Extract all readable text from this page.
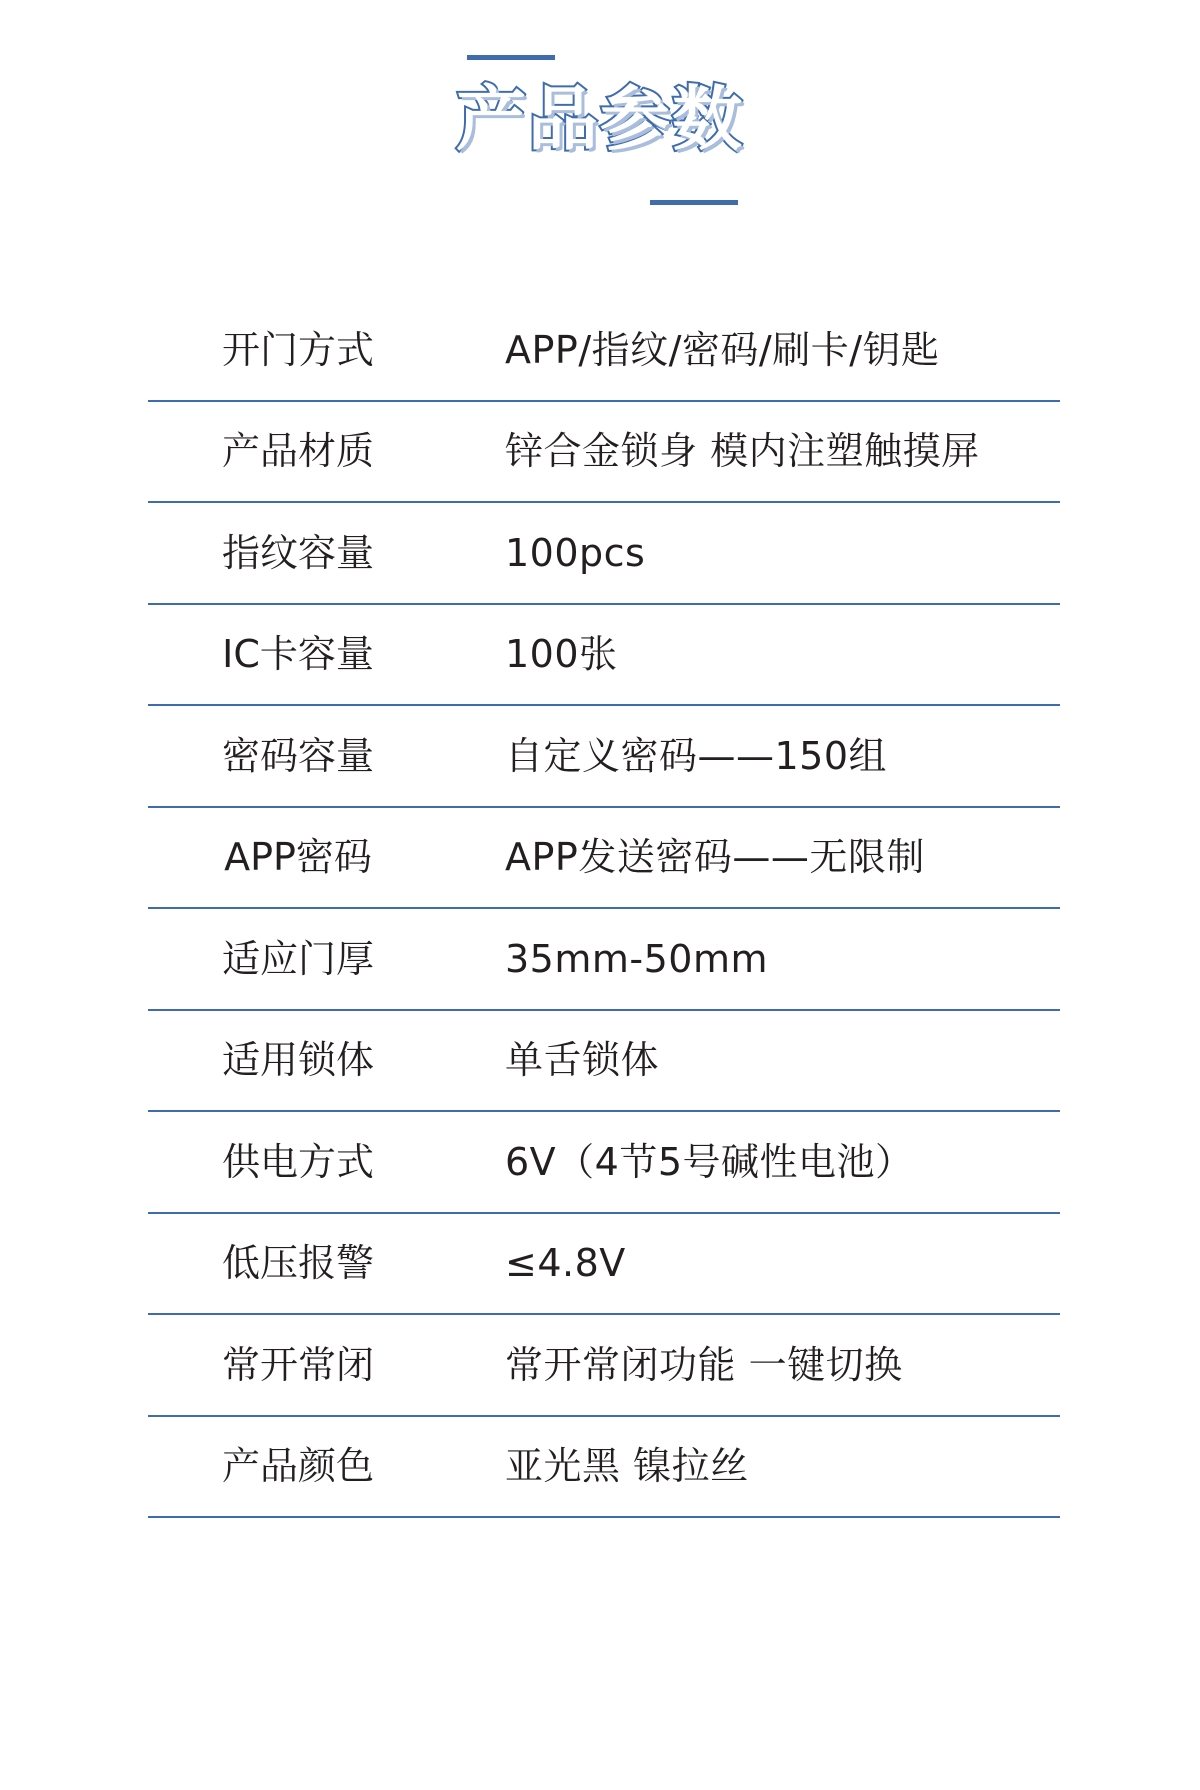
产品参数
开门方式	APP/指纹/密码/刷卡/钥匙
产品材质	锌合金锁身 模内注塑触摸屏
指纹容量	100pcs
IC卡容量	100张
密码容量	自定义密码——150组
APP密码	APP发送密码——无限制
适应门厚	35mm-50mm
适用锁体	单舌锁体
供电方式	6V（4节5号碱性电池）
低压报警	≤4.8V
常开常闭	常开常闭功能 一键切换
产品颜色	亚光黑 镍拉丝
